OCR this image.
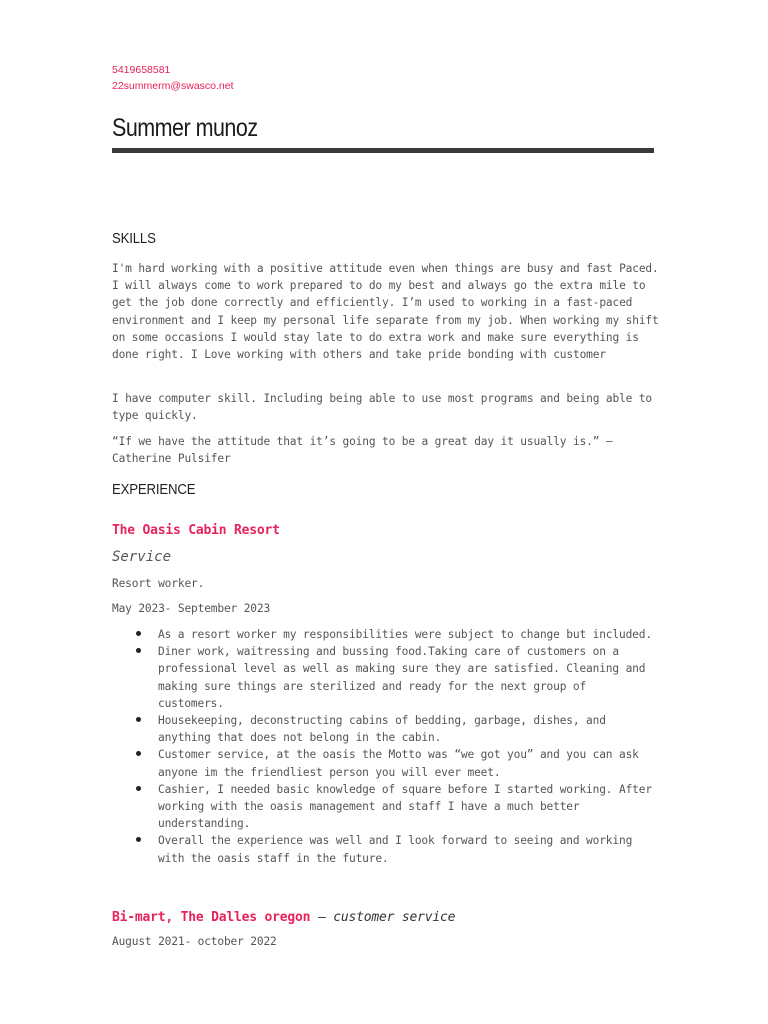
5419658581
22summerm@swasco.net
Summer munoz
SKILLS

I'm hard working with a positive attitude even when things are busy and fast Paced. I will always come to work prepared to do my best and always go the extra mile to get the job done correctly and efficiently. I’m used to working in a fast-paced environment and I keep my personal life separate from my job. When working my shift on some occasions I would stay late to do extra work and make sure everything is done right. I Love working with others and take pride bonding with customer

I have computer skill. Including being able to use most programs and being able to type quickly.

“If we have the attitude that it’s going to be a great day it usually is.” – Catherine Pulsifer

EXPERIENCE
The Oasis Cabin Resort
Service
Resort worker.
May 2023- September 2023
As a resort worker my responsibilities were subject to change but included.
Diner work, waitressing and bussing food.Taking care of customers on a professional level as well as making sure they are satisfied. Cleaning and making sure things are sterilized and ready for the next group of customers.
Housekeeping, deconstructing cabins of bedding, garbage, dishes, and anything that does not belong in the cabin.
Customer service, at the oasis the Motto was “we got you” and you can ask anyone im the friendliest person you will ever meet.
Cashier, I needed basic knowledge of square before I started working. After working with the oasis management and staff I have a much better understanding.
Overall the experience was well and I look forward to seeing and working with the oasis staff in the future.
Bi-mart, The Dalles oregon — customer service
August 2021- october 2022
